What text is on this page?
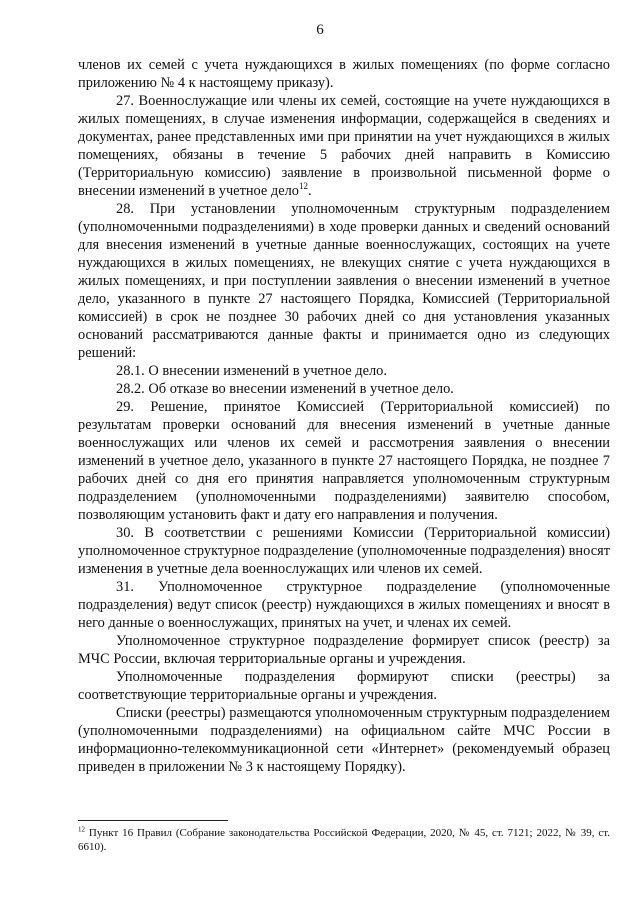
6

членов их семей с учета нуждающихся в жилых помещениях (по форме согласно приложению № 4 к настоящему приказу).

27. Военнослужащие или члены их семей, состоящие на учете нуждающихся в жилых помещениях, в случае изменения информации, содержащейся в сведениях и документах, ранее представленных ими при принятии на учет нуждающихся в жилых помещениях, обязаны в течение 5 рабочих дней направить в Комиссию (Территориальную комиссию) заявление в произвольной письменной форме о внесении изменений в учетное дело$^{12}$.

28. При установлении уполномоченным структурным подразделением (уполномоченными подразделениями) в ходе проверки данных и сведений оснований для внесения изменений в учетные данные военнослужащих, состоящих на учете нуждающихся в жилых помещениях, не влекущих снятие с учета нуждающихся в жилых помещениях, и при поступлении заявления о внесении изменений в учетное дело, указанного в пункте 27 настоящего Порядка, Комиссией (Территориальной комиссией) в срок не позднее 30 рабочих дней со дня установления указанных оснований рассматриваются данные факты и принимается одно из следующих решений:

28.1. О внесении изменений в учетное дело.

28.2. Об отказе во внесении изменений в учетное дело.

29. Решение, принятое Комиссией (Территориальной комиссией) по результатам проверки оснований для внесения изменений в учетные данные военнослужащих или членов их семей и рассмотрения заявления о внесении изменений в учетное дело, указанного в пункте 27 настоящего Порядка, не позднее 7 рабочих дней со дня его принятия направляется уполномоченным структурным подразделением (уполномоченными подразделениями) заявителю способом, позволяющим установить факт и дату его направления и получения.

30. В соответствии с решениями Комиссии (Территориальной комиссии) уполномоченное структурное подразделение (уполномоченные подразделения) вносят изменения в учетные дела военнослужащих или членов их семей.

31. Уполномоченное структурное подразделение (уполномоченные подразделения) ведут список (реестр) нуждающихся в жилых помещениях и вносят в него данные о военнослужащих, принятых на учет, и членах их семей.

Уполномоченное структурное подразделение формирует список (реестр) за МЧС России, включая территориальные органы и учреждения.

Уполномоченные подразделения формируют списки (реестры) за соответствующие территориальные органы и учреждения.

Списки (реестры) размещаются уполномоченным структурным подразделением (уполномоченными подразделениями) на официальном сайте МЧС России в информационно-телекоммуникационной сети «Интернет» (рекомендуемый образец приведен в приложении № 3 к настоящему Порядку).

$^{12}$ Пункт 16 Правил (Собрание законодательства Российской Федерации, 2020, № 45, ст. 7121; 2022, № 39, ст. 6610).
